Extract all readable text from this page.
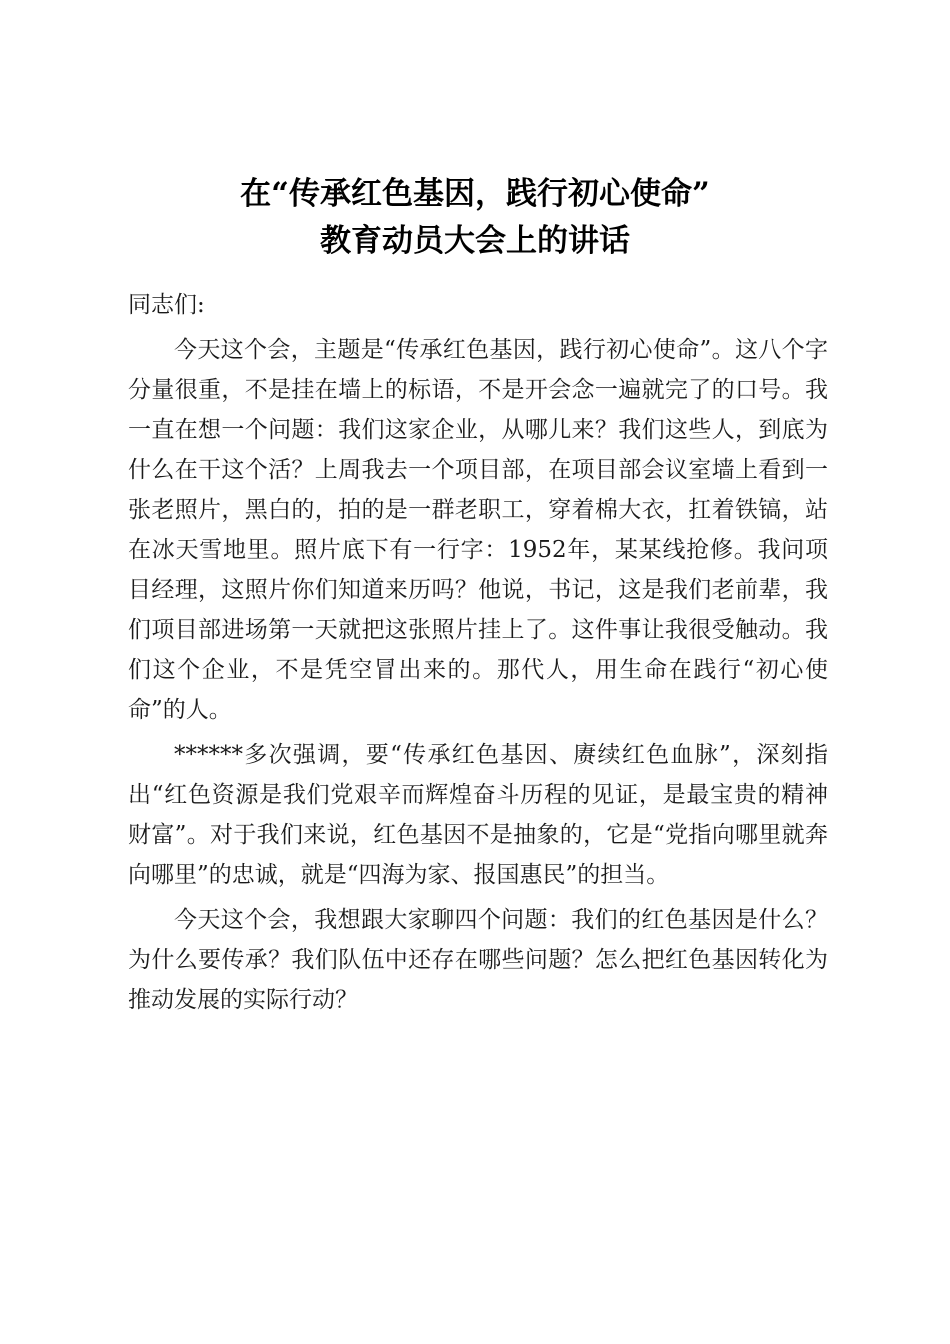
在“传承红色基因，践行初心使命”
教育动员大会上的讲话

同志们:

今天这个会，主题是“传承红色基因，践行初心使命”。这八个字分量很重，不是挂在墙上的标语，不是开会念一遍就完了的口号。我一直在想一个问题：我们这家企业，从哪儿来？我们这些人，到底为什么在干这个活？上周我去一个项目部，在项目部会议室墙上看到一张老照片，黑白的，拍的是一群老职工，穿着棉大衣，扛着铁镐，站在冰天雪地里。照片底下有一行字：1952年，某某线抢修。我问项目经理，这照片你们知道来历吗？他说，书记，这是我们老前辈，我们项目部进场第一天就把这张照片挂上了。这件事让我很受触动。我们这个企业，不是凭空冒出来的。那代人，用生命在践行“初心使命”的人。

******多次强调，要“传承红色基因、赓续红色血脉”，深刻指出“红色资源是我们党艰辛而辉煌奋斗历程的见证，是最宝贵的精神财富”。对于我们来说，红色基因不是抽象的，它是“党指向哪里就奔向哪里”的忠诚，就是“四海为家、报国惠民”的担当。

今天这个会，我想跟大家聊四个问题：我们的红色基因是什么？为什么要传承？我们队伍中还存在哪些问题？怎么把红色基因转化为推动发展的实际行动？
